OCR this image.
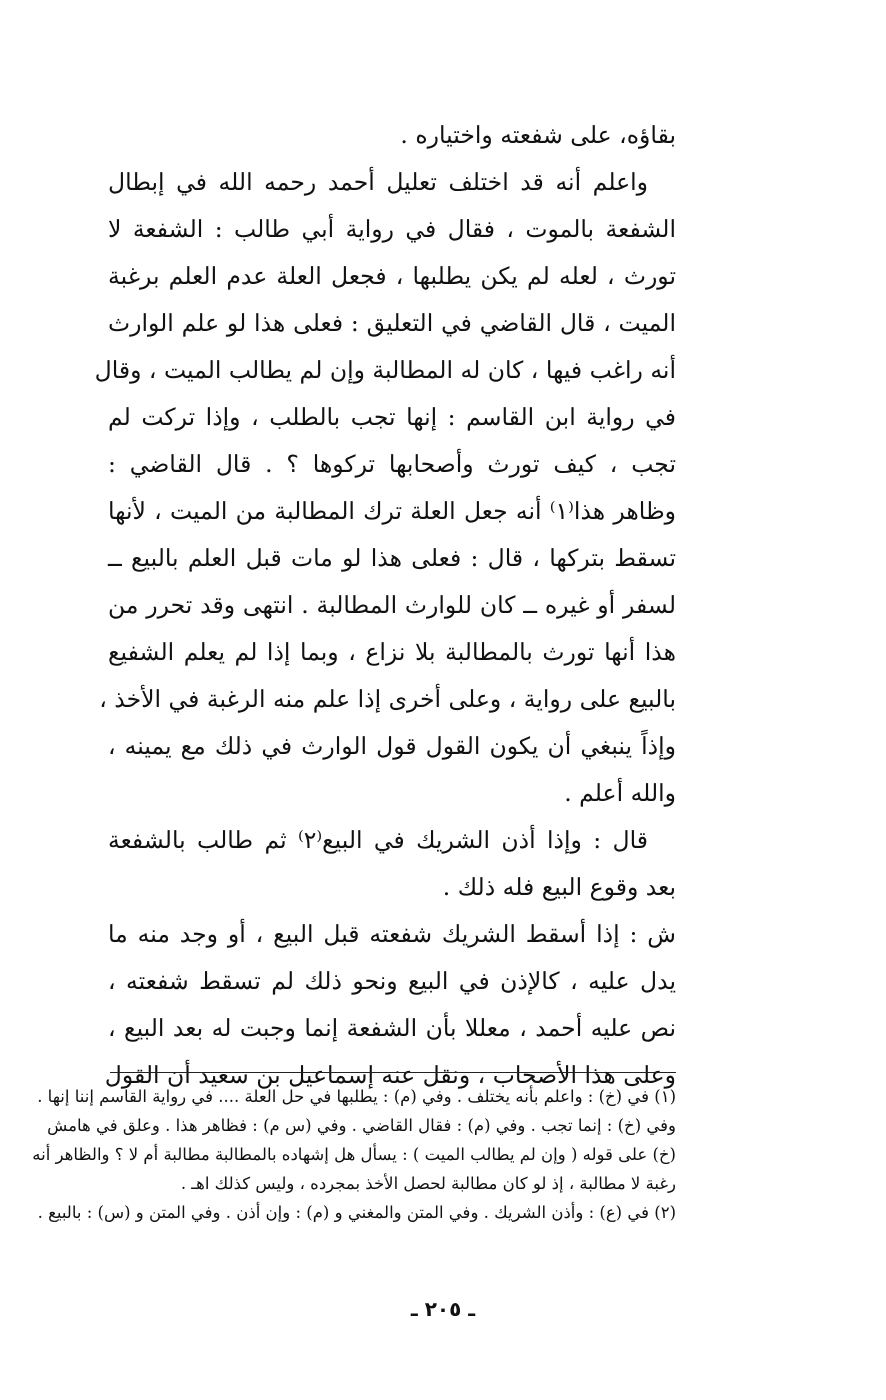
بقاؤه، على شفعته واختياره .
واعلم أنه قد اختلف تعليل أحمد رحمه الله في إبطال
الشفعة بالموت ، فقال في رواية أبي طالب : الشفعة لا
تورث ، لعله لم يكن يطلبها ، فجعل العلة عدم العلم برغبة
الميت ، قال القاضي في التعليق : فعلى هذا لو علم الوارث
أنه راغب فيها ، كان له المطالبة وإن لم يطالب الميت ، وقال
في رواية ابن القاسم : إنها تجب بالطلب ، وإذا تركت لم
تجب ، كيف تورث وأصحابها تركوها ؟ . قال القاضي :
وظاهر هذا⁽١⁾ أنه جعل العلة ترك المطالبة من الميت ، لأنها
تسقط بتركها ، قال : فعلى هذا لو مات قبل العلم بالبيع ــ
لسفر أو غيره ــ كان للوارث المطالبة . انتهى وقد تحرر من
هذا أنها تورث بالمطالبة بلا نزاع ، وبما إذا لم يعلم الشفيع
بالبيع على رواية ، وعلى أخرى إذا علم منه الرغبة في الأخذ ،
وإذاً ينبغي أن يكون القول قول الوارث في ذلك مع يمينه ،
والله أعلم .
قال : وإذا أذن الشريك في البيع⁽٢⁾ ثم طالب بالشفعة
بعد وقوع البيع فله ذلك .
ش : إذا أسقط الشريك شفعته قبل البيع ، أو وجد منه ما
يدل عليه ، كالإذن في البيع ونحو ذلك لم تسقط شفعته ،
نص عليه أحمد ، معللا بأن الشفعة إنما وجبت له بعد البيع ،
وعلى هذا الأصحاب ، ونقل عنه إسماعيل بن سعيد أن القول
(١) في (خ) : واعلم بأنه يختلف . وفي (م) : يطلبها في حل العلة .... في رواية القاسم إننا إنها .
وفي (خ) : إنما تجب . وفي (م) : فقال القاضي . وفي (س م) : فظاهر هذا . وعلق في هامش
(خ) على قوله ( وإن لم يطالب الميت ) : يسأل هل إشهاده بالمطالبة مطالبة أم لا ؟ والظاهر أنه
رغبة لا مطالبة ، إذ لو كان مطالبة لحصل الأخذ بمجرده ، وليس كذلك اهـ .
(٢) في (ع) : وأذن الشريك . وفي المتن والمغني و (م) : وإن أذن . وفي المتن و (س) : بالبيع .
ـ ٢٠٥ ـ
